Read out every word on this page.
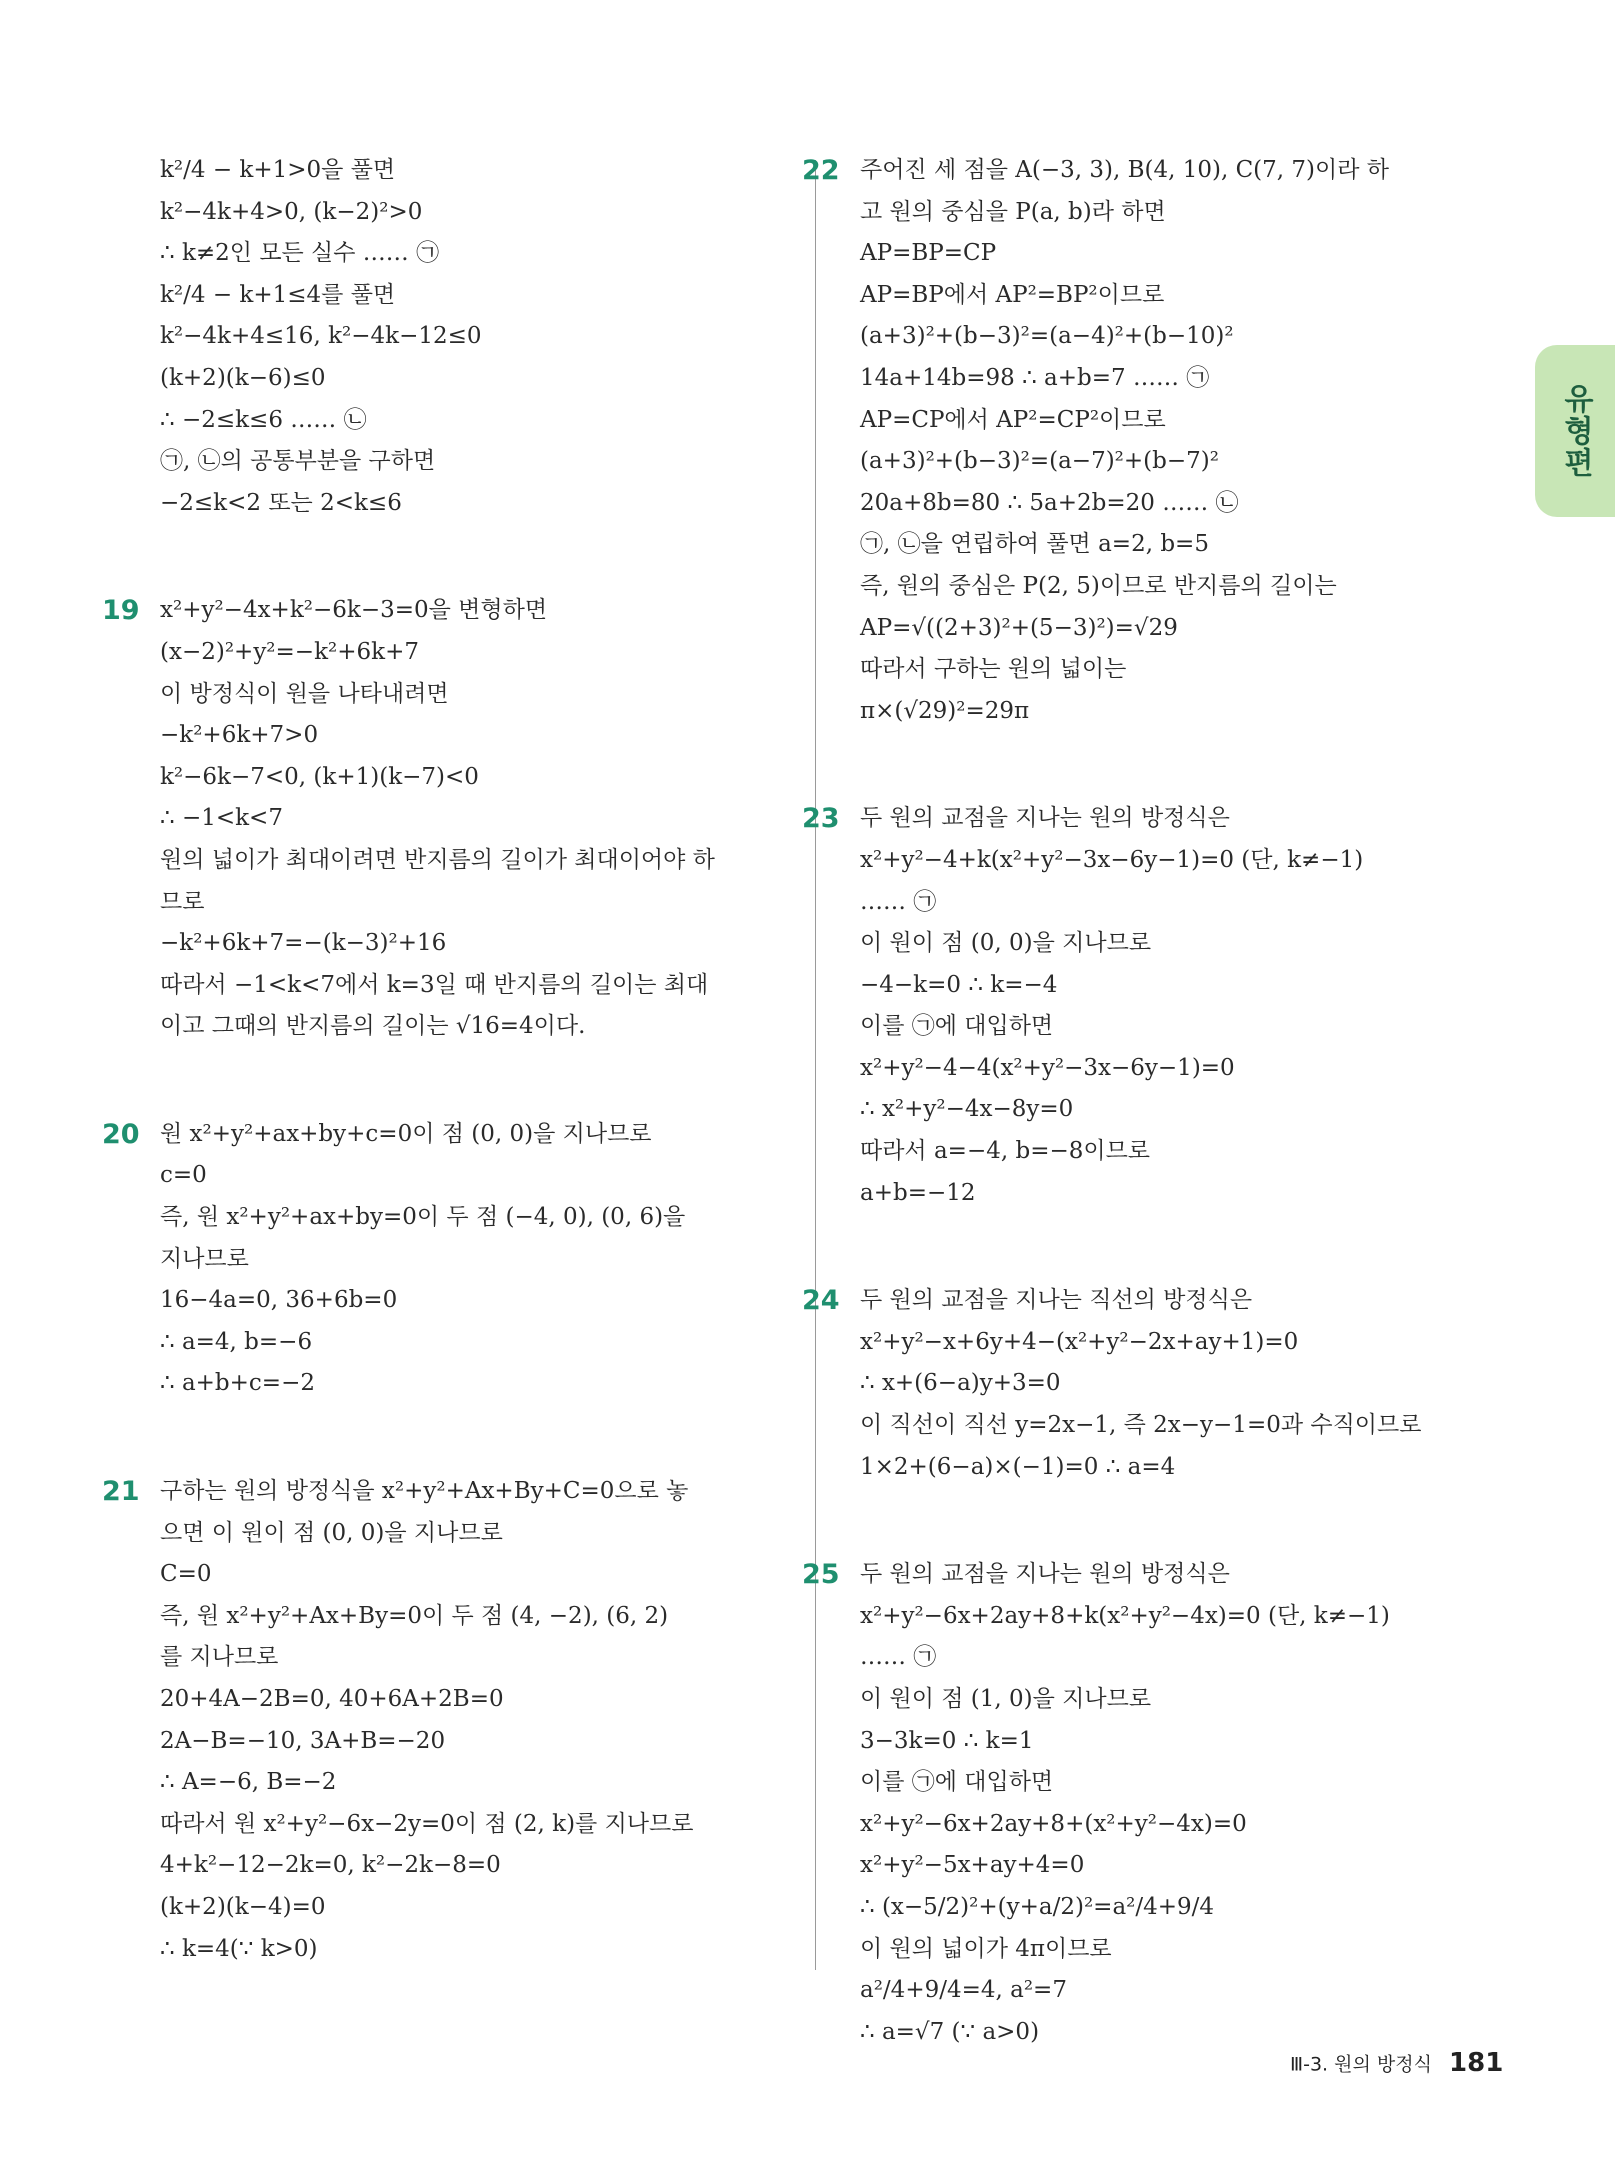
k²/4 − k+1>0을 풀면
k²−4k+4>0, (k−2)²>0
∴ k≠2인 모든 실수 …… ㉠
k²/4 − k+1≤4를 풀면
k²−4k+4≤16, k²−4k−12≤0
(k+2)(k−6)≤0
∴ −2≤k≤6 …… ㉡
㉠, ㉡의 공통부분을 구하면
−2≤k<2 또는 2<k≤6
19 x²+y²−4x+k²−6k−3=0을 변형하면
(x−2)²+y²=−k²+6k+7
이 방정식이 원을 나타내려면
−k²+6k+7>0
k²−6k−7<0, (k+1)(k−7)<0
∴ −1<k<7
원의 넓이가 최대이려면 반지름의 길이가 최대이어야 하
므로
−k²+6k+7=−(k−3)²+16
따라서 −1<k<7에서 k=3일 때 반지름의 길이는 최대
이고 그때의 반지름의 길이는 √16=4이다.
20 원 x²+y²+ax+by+c=0이 점 (0, 0)을 지나므로
c=0
즉, 원 x²+y²+ax+by=0이 두 점 (−4, 0), (0, 6)을
지나므로
16−4a=0, 36+6b=0
∴ a=4, b=−6
∴ a+b+c=−2
21 구하는 원의 방정식을 x²+y²+Ax+By+C=0으로 놓
으면 이 원이 점 (0, 0)을 지나므로
C=0
즉, 원 x²+y²+Ax+By=0이 두 점 (4, −2), (6, 2)
를 지나므로
20+4A−2B=0, 40+6A+2B=0
2A−B=−10, 3A+B=−20
∴ A=−6, B=−2
따라서 원 x²+y²−6x−2y=0이 점 (2, k)를 지나므로
4+k²−12−2k=0, k²−2k−8=0
(k+2)(k−4)=0
∴ k=4(∵ k>0)
22 주어진 세 점을 A(−3, 3), B(4, 10), C(7, 7)이라 하
고 원의 중심을 P(a, b)라 하면
AP=BP=CP
AP=BP에서 AP²=BP²이므로
(a+3)²+(b−3)²=(a−4)²+(b−10)²
14a+14b=98 ∴ a+b=7 …… ㉠
AP=CP에서 AP²=CP²이므로
(a+3)²+(b−3)²=(a−7)²+(b−7)²
20a+8b=80 ∴ 5a+2b=20 …… ㉡
㉠, ㉡을 연립하여 풀면 a=2, b=5
즉, 원의 중심은 P(2, 5)이므로 반지름의 길이는
AP=√((2+3)²+(5−3)²)=√29
따라서 구하는 원의 넓이는
π×(√29)²=29π
23 두 원의 교점을 지나는 원의 방정식은
x²+y²−4+k(x²+y²−3x−6y−1)=0 (단, k≠−1)
…… ㉠
이 원이 점 (0, 0)을 지나므로
−4−k=0 ∴ k=−4
이를 ㉠에 대입하면
x²+y²−4−4(x²+y²−3x−6y−1)=0
∴ x²+y²−4x−8y=0
따라서 a=−4, b=−8이므로
a+b=−12
24 두 원의 교점을 지나는 직선의 방정식은
x²+y²−x+6y+4−(x²+y²−2x+ay+1)=0
∴ x+(6−a)y+3=0
이 직선이 직선 y=2x−1, 즉 2x−y−1=0과 수직이므로
1×2+(6−a)×(−1)=0 ∴ a=4
25 두 원의 교점을 지나는 원의 방정식은
x²+y²−6x+2ay+8+k(x²+y²−4x)=0 (단, k≠−1)
…… ㉠
이 원이 점 (1, 0)을 지나므로
3−3k=0 ∴ k=1
이를 ㉠에 대입하면
x²+y²−6x+2ay+8+(x²+y²−4x)=0
x²+y²−5x+ay+4=0
∴ (x−5/2)²+(y+a/2)²=a²/4+9/4
이 원의 넓이가 4π이므로
a²/4+9/4=4, a²=7
∴ a=√7 (∵ a>0)
유형편
Ⅲ-3. 원의 방정식 181
